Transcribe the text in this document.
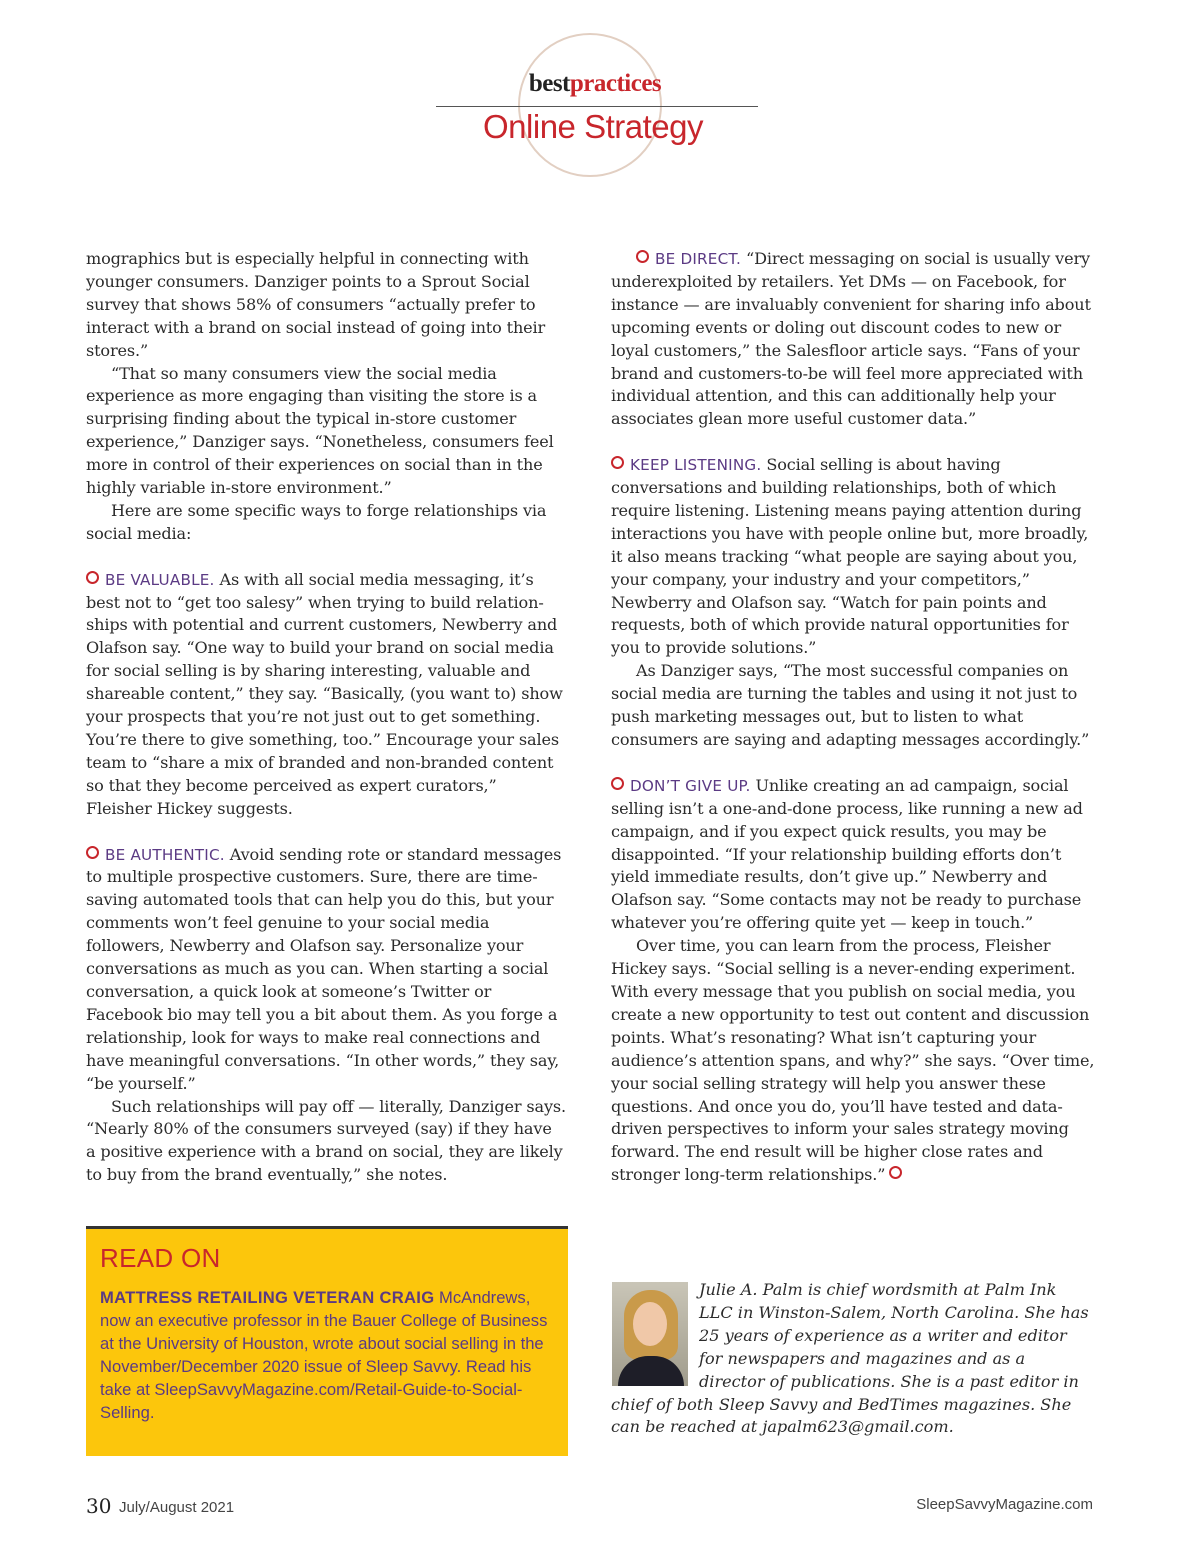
bestpractices
Online Strategy

mographics but is especially helpful in connecting with younger consumers. Danziger points to a Sprout Social survey that shows 58% of consumers “actually prefer to interact with a brand on social instead of going into their stores.”

“That so many consumers view the social media experience as more engaging than visiting the store is a surprising finding about the typical in-store customer experience,” Danziger says. “Nonetheless, consumers feel more in control of their experiences on social than in the highly variable in-store environment.”

Here are some specific ways to forge relationships via social media:

BE VALUABLE. As with all social media messaging, it’s best not to “get too salesy” when trying to build relationships with potential and current customers, Newberry and Olafson say. “One way to build your brand on social media for social selling is by sharing interesting, valuable and shareable content,” they say. “Basically, (you want to) show your prospects that you’re not just out to get something. You’re there to give something, too.” Encourage your sales team to “share a mix of branded and non-branded content so that they become perceived as expert curators,” Fleisher Hickey suggests.

BE AUTHENTIC. Avoid sending rote or standard messages to multiple prospective customers. Sure, there are time-saving automated tools that can help you do this, but your comments won’t feel genuine to your social media followers, Newberry and Olafson say. Personalize your conversations as much as you can. When starting a social conversation, a quick look at someone’s Twitter or Facebook bio may tell you a bit about them. As you forge a relationship, look for ways to make real connections and have meaningful conversations. “In other words,” they say, “be yourself.”

Such relationships will pay off — literally, Danziger says. “Nearly 80% of the consumers surveyed (say) if they have a positive experience with a brand on social, they are likely to buy from the brand eventually,” she notes.

READ ON

MATTRESS RETAILING VETERAN CRAIG McAndrews, now an executive professor in the Bauer College of Business at the University of Houston, wrote about social selling in the November/December 2020 issue of Sleep Savvy. Read his take at SleepSavvyMagazine.com/Retail-Guide-to-Social-Selling.

BE DIRECT. “Direct messaging on social is usually very underexploited by retailers. Yet DMs — on Facebook, for instance — are invaluably convenient for sharing info about upcoming events or doling out discount codes to new or loyal customers,” the Salesfloor article says. “Fans of your brand and customers-to-be will feel more appreciated with individual attention, and this can additionally help your associates glean more useful customer data.”

KEEP LISTENING. Social selling is about having conversations and building relationships, both of which require listening. Listening means paying attention during interactions you have with people online but, more broadly, it also means tracking “what people are saying about you, your company, your industry and your competitors,” Newberry and Olafson say. “Watch for pain points and requests, both of which provide natural opportunities for you to provide solutions.”

As Danziger says, “The most successful companies on social media are turning the tables and using it not just to push marketing messages out, but to listen to what consumers are saying and adapting messages accordingly.”

DON’T GIVE UP. Unlike creating an ad campaign, social selling isn’t a one-and-done process, like running a new ad campaign, and if you expect quick results, you may be disappointed. “If your relationship building efforts don’t yield immediate results, don’t give up.” Newberry and Olafson say. “Some contacts may not be ready to purchase whatever you’re offering quite yet — keep in touch.”

Over time, you can learn from the process, Fleisher Hickey says. “Social selling is a never-ending experiment. With every message that you publish on social media, you create a new opportunity to test out content and discussion points. What’s resonating? What isn’t capturing your audience’s attention spans, and why?” she says. “Over time, your social selling strategy will help you answer these questions. And once you do, you’ll have tested and data-driven perspectives to inform your sales strategy moving forward. The end result will be higher close rates and stronger long-term relationships.”

Julie A. Palm is chief wordsmith at Palm Ink LLC in Winston-Salem, North Carolina. She has 25 years of experience as a writer and editor for newspapers and magazines and as a director of publications. She is a past editor in chief of both Sleep Savvy and BedTimes magazines. She can be reached at japalm623@gmail.com.
30 July/August 2021	SleepSavvyMagazine.com
